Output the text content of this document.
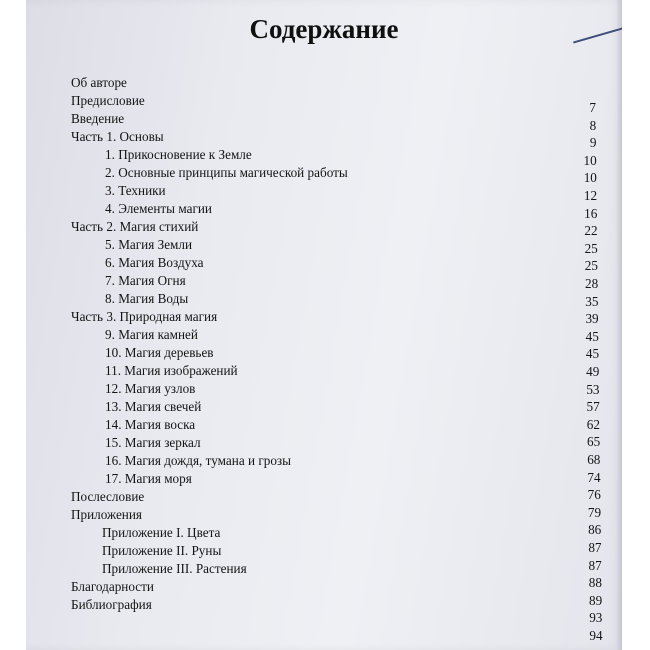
Содержание
Об авторе
Предисловие
Введение
Часть 1. Основы
1. Прикосновение к Земле
2. Основные принципы магической работы
3. Техники
4. Элементы магии
Часть 2. Магия стихий
5. Магия Земли
6. Магия Воздуха
7. Магия Огня
8. Магия Воды
Часть 3. Природная магия
9. Магия камней
10. Магия деревьев
11. Магия изображений
12. Магия узлов
13. Магия свечей
14. Магия воска
15. Магия зеркал
16. Магия дождя, тумана и грозы
17. Магия моря
Послесловие
Приложения
Приложение I. Цвета
Приложение II. Руны
Приложение III. Растения
Благодарности
Библиография
7
8
9
10
10
12
16
22
25
25
28
35
39
45
45
49
53
57
62
65
68
74
76
79
86
87
87
88
89
93
94
